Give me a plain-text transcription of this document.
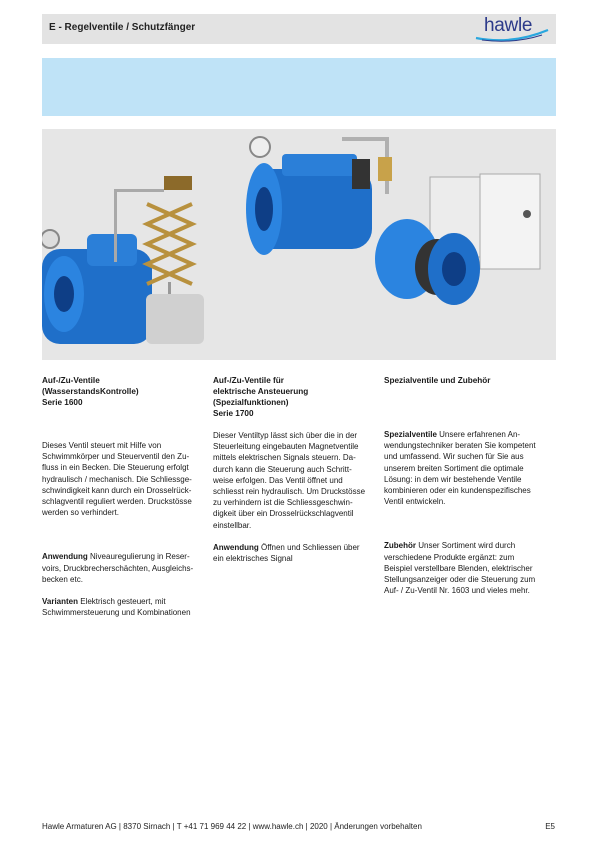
E - Regelventile / Schutzfänger	hawle
Auf-/Zu-Ventile
(WasserstandsKontrolle)
Serie 1600

Dieses Ventil steuert mit Hilfe von
Schwimmkörper und Steuerventil den Zu-
fluss in ein Becken. Die Steuerung erfolgt
hydraulisch / mechanisch. Die Schliessge-
schwindigkeit kann durch ein Drosselrück-
schlagventil reguliert werden. Druckstösse
werden so verhindert.

Anwendung Niveauregulierung in Reser-
voirs, Druckbrecherschächten, Ausgleichs-
becken etc.

Varianten Elektrisch gesteuert, mit
Schwimmersteuerung und Kombinationen

Auf-/Zu-Ventile für
elektrische Ansteuerung
(Spezialfunktionen)
Serie 1700

Dieser Ventiltyp lässt sich über die in der
Steuerleitung eingebauten Magnetventile
mittels elektrischen Signals steuern. Da-
durch kann die Steuerung auch Schritt-
weise erfolgen. Das Ventil öffnet und
schliesst rein hydraulisch. Um Druckstösse
zu verhindern ist die Schliessgeschwin-
digkeit über ein Drosselrückschlagventil
einstellbar.

Anwendung Öffnen und Schliessen über
ein elektrisches Signal

Spezialventile und Zubehör

Spezialventile Unsere erfahrenen An-
wendungstechniker beraten Sie kompetent
und umfassend. Wir suchen für Sie aus
unserem breiten Sortiment die optimale
Lösung: in dem wir bestehende Ventile
kombinieren oder ein kundenspezifisches
Ventil entwickeln.

Zubehör Unser Sortiment wird durch
verschiedene Produkte ergänzt: zum
Beispiel verstellbare Blenden, elektrischer
Stellungsanzeiger oder die Steuerung zum
Auf- / Zu-Ventil Nr. 1603 und vieles mehr.

Hawle Armaturen AG | 8370 Sirnach | T +41 71 969 44 22 | www.hawle.ch | 2020 | Änderungen vorbehalten	E5
